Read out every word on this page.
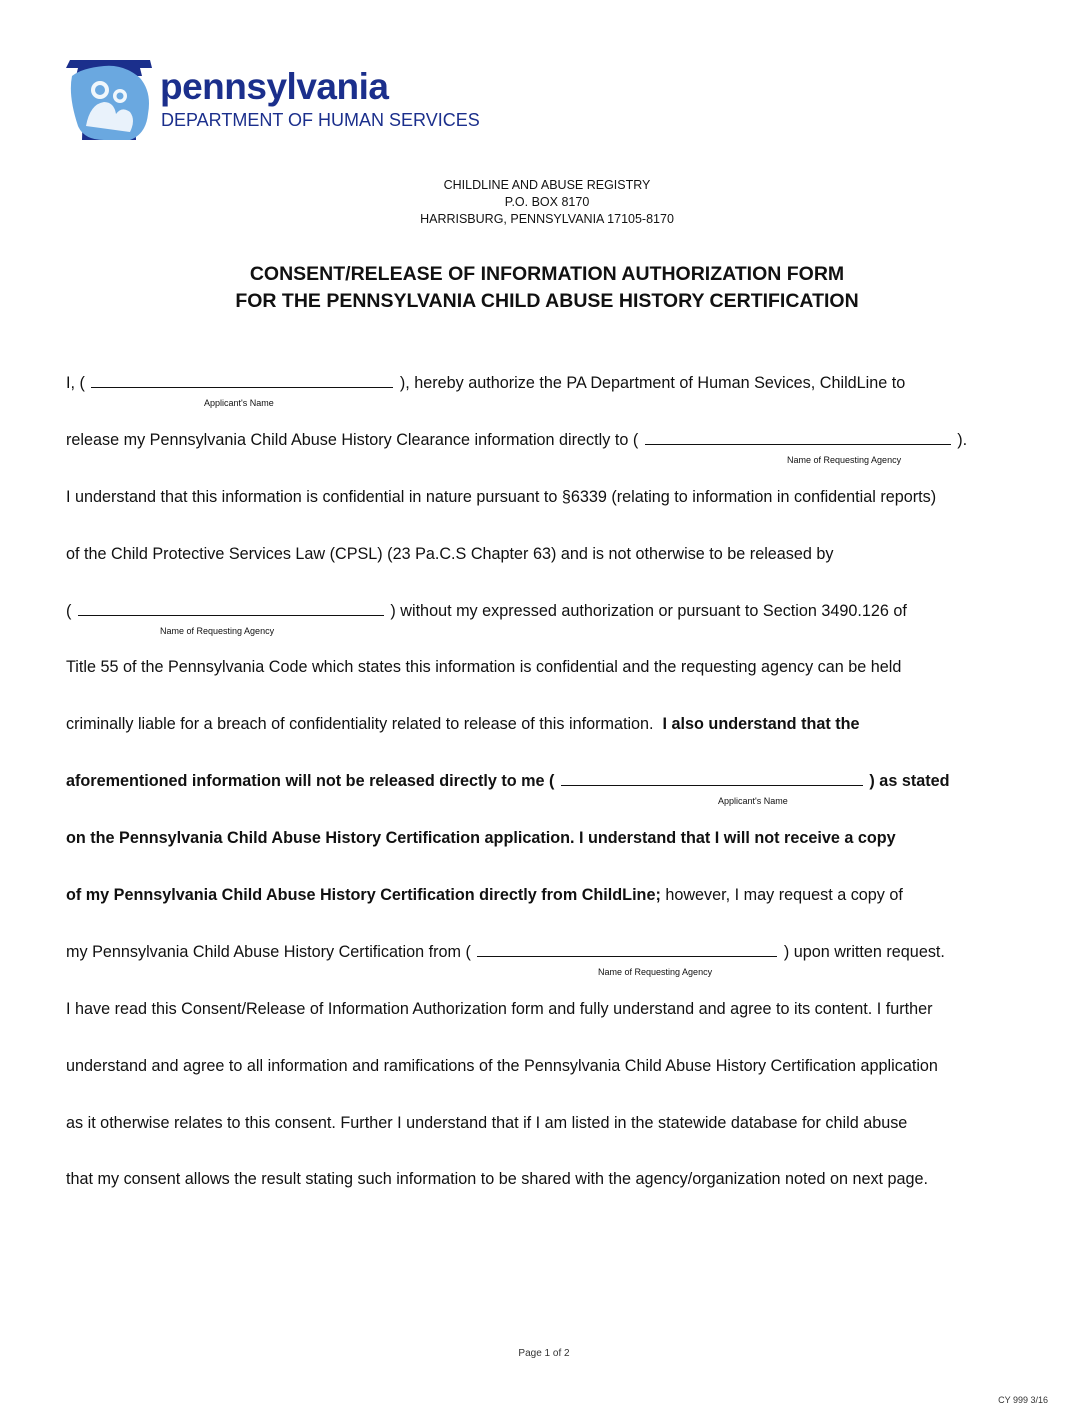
pennsylvania
DEPARTMENT OF HUMAN SERVICES
CHILDLINE AND ABUSE REGISTRY
P.O. BOX 8170
HARRISBURG, PENNSYLVANIA 17105-8170
CONSENT/RELEASE OF INFORMATION AUTHORIZATION FORM
FOR THE PENNSYLVANIA CHILD ABUSE HISTORY CERTIFICATION
I, (	), hereby authorize the PA Department of Human Sevices, ChildLine to
Applicant's Name
release my Pennsylvania Child Abuse History Clearance information directly to (	).
Name of Requesting Agency
I understand that this information is confidential in nature pursuant to §6339 (relating to information in confidential reports)
of the Child Protective Services Law (CPSL) (23 Pa.C.S Chapter 63) and is not otherwise to be released by
(	) without my expressed authorization or pursuant to Section 3490.126 of
Name of Requesting Agency
Title 55 of the Pennsylvania Code which states this information is confidential and the requesting agency can be held
criminally liable for a breach of confidentiality related to release of this information. I also understand that the
aforementioned information will not be released directly to me (	) as stated
Applicant's Name
on the Pennsylvania Child Abuse History Certification application. I understand that I will not receive a copy
of my Pennsylvania Child Abuse History Certification directly from ChildLine; however, I may request a copy of
my Pennsylvania Child Abuse History Certification from (	) upon written request.
Name of Requesting Agency
I have read this Consent/Release of Information Authorization form and fully understand and agree to its content. I further
understand and agree to all information and ramifications of the Pennsylvania Child Abuse History Certification application
as it otherwise relates to this consent. Further I understand that if I am listed in the statewide database for child abuse
that my consent allows the result stating such information to be shared with the agency/organization noted on next page.
Page 1 of 2
CY 999 3/16
